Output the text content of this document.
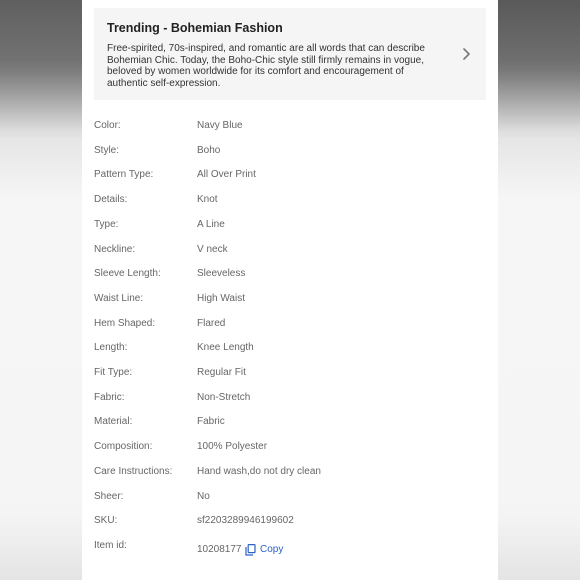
Trending - Bohemian Fashion

Free-spirited, 70s-inspired, and romantic are all words that can describe Bohemian Chic. Today, the Boho-Chic style still firmly remains in vogue, beloved by women worldwide for its comfort and encouragement of authentic self-expression.

Color:	Navy Blue
Style:	Boho
Pattern Type:	All Over Print
Details:	Knot
Type:	A Line
Neckline:	V neck
Sleeve Length:	Sleeveless
Waist Line:	High Waist
Hem Shaped:	Flared
Length:	Knee Length
Fit Type:	Regular Fit
Fabric:	Non-Stretch
Material:	Fabric
Composition:	100% Polyester
Care Instructions: Hand wash,do not dry clean
Sheer:	No
SKU:	sf2203289946199602
Item id:	10208177 Copy
